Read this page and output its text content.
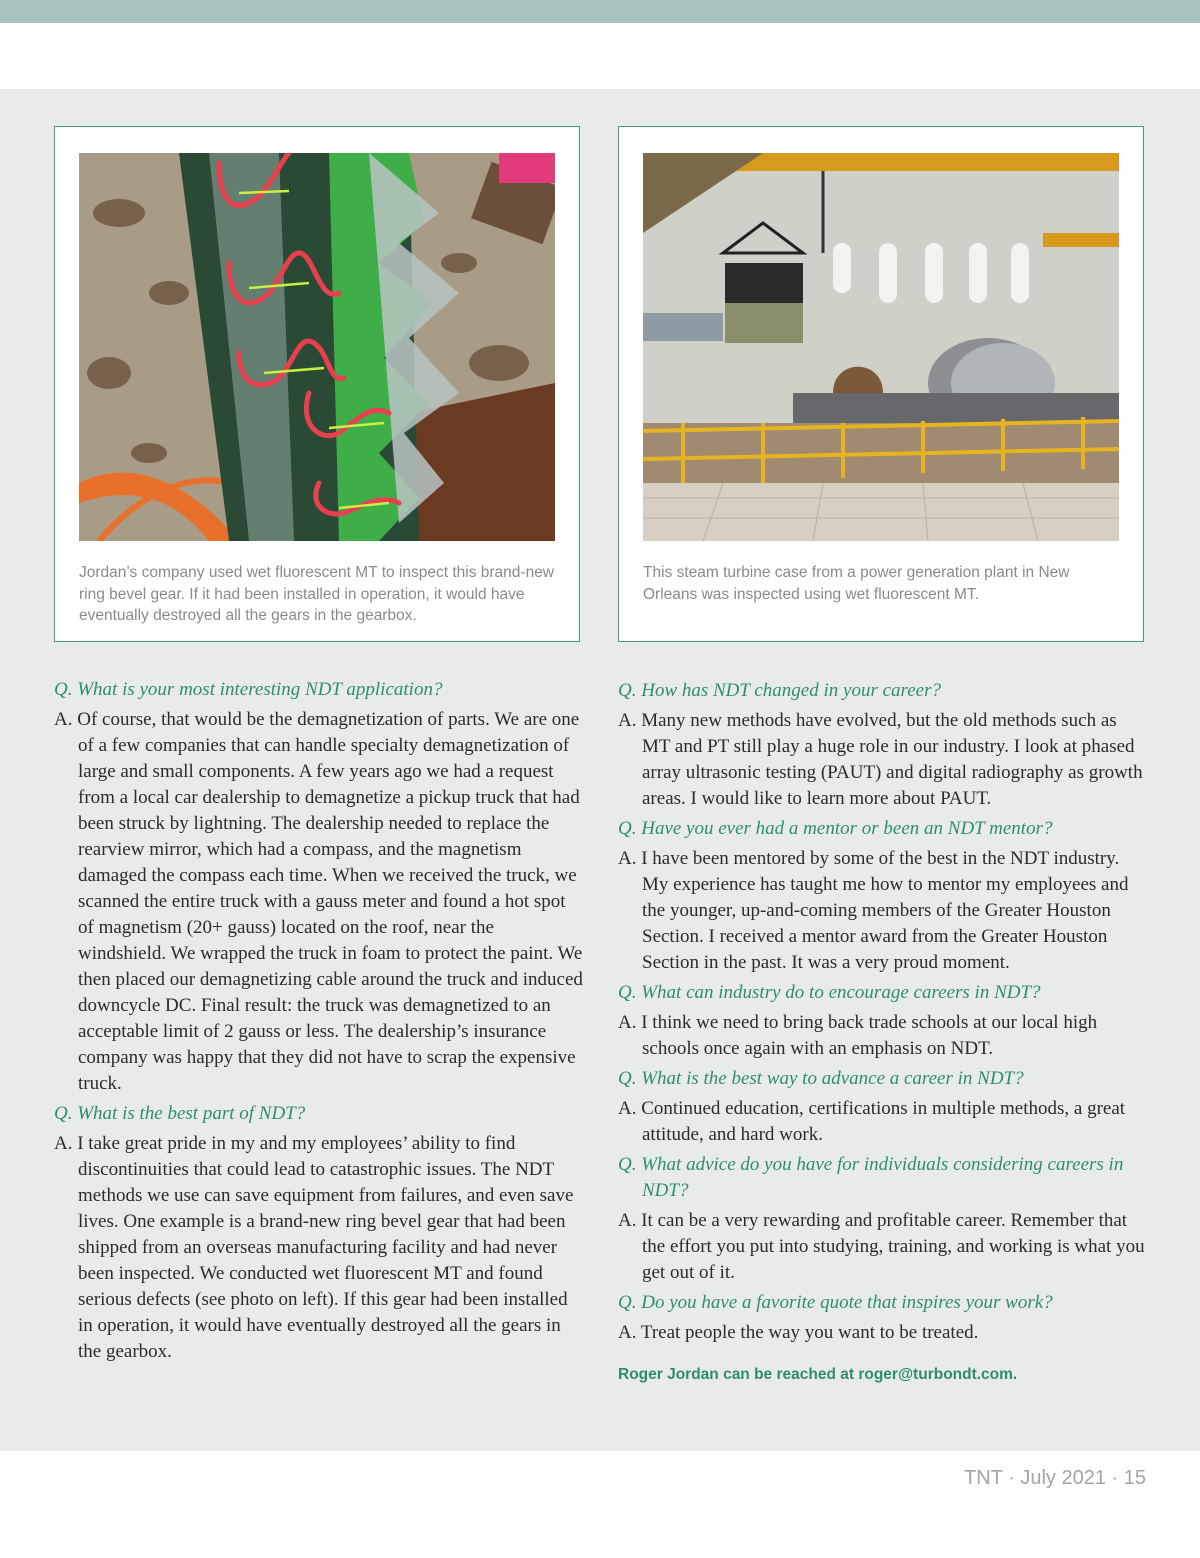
Jordan’s company used wet fluorescent MT to inspect this brand-new ring bevel gear. If it had been installed in operation, it would have eventually destroyed all the gears in the gearbox.
This steam turbine case from a power generation plant in New Orleans was inspected using wet fluorescent MT.

Q. What is your most interesting NDT application?

A. Of course, that would be the demagnetization of parts. We are one of a few companies that can handle specialty demagnetization of large and small components. A few years ago we had a request from a local car dealership to demagnetize a pickup truck that had been struck by lightning. The dealership needed to replace the rearview mirror, which had a compass, and the magnetism damaged the compass each time. When we received the truck, we scanned the entire truck with a gauss meter and found a hot spot of magnetism (20+ gauss) located on the roof, near the windshield. We wrapped the truck in foam to protect the paint. We then placed our demagnetizing cable around the truck and induced downcycle DC. Final result: the truck was demagnetized to an acceptable limit of 2 gauss or less. The dealership’s insurance company was happy that they did not have to scrap the expensive truck.

Q. What is the best part of NDT?

A. I take great pride in my and my employees’ ability to find discontinuities that could lead to catastrophic issues. The NDT methods we use can save equipment from failures, and even save lives. One example is a brand-new ring bevel gear that had been shipped from an overseas manufacturing facility and had never been inspected. We conducted wet fluorescent MT and found serious defects (see photo on left). If this gear had been installed in operation, it would have eventually destroyed all the gears in the gearbox.

Q. How has NDT changed in your career?

A. Many new methods have evolved, but the old methods such as MT and PT still play a huge role in our industry. I look at phased array ultrasonic testing (PAUT) and digital radiography as growth areas. I would like to learn more about PAUT.

Q. Have you ever had a mentor or been an NDT mentor?

A. I have been mentored by some of the best in the NDT industry. My experience has taught me how to mentor my employees and the younger, up-and-coming members of the Greater Houston Section. I received a mentor award from the Greater Houston Section in the past. It was a very proud moment.

Q. What can industry do to encourage careers in NDT?

A. I think we need to bring back trade schools at our local high schools once again with an emphasis on NDT.

Q. What is the best way to advance a career in NDT?

A. Continued education, certifications in multiple methods, a great attitude, and hard work.

Q. What advice do you have for individuals considering careers in NDT?

A. It can be a very rewarding and profitable career. Remember that the effort you put into studying, training, and working is what you get out of it.

Q. Do you have a favorite quote that inspires your work?

A. Treat people the way you want to be treated.

Roger Jordan can be reached at roger@turbondt.com.
TNT · July 2021 · 15
